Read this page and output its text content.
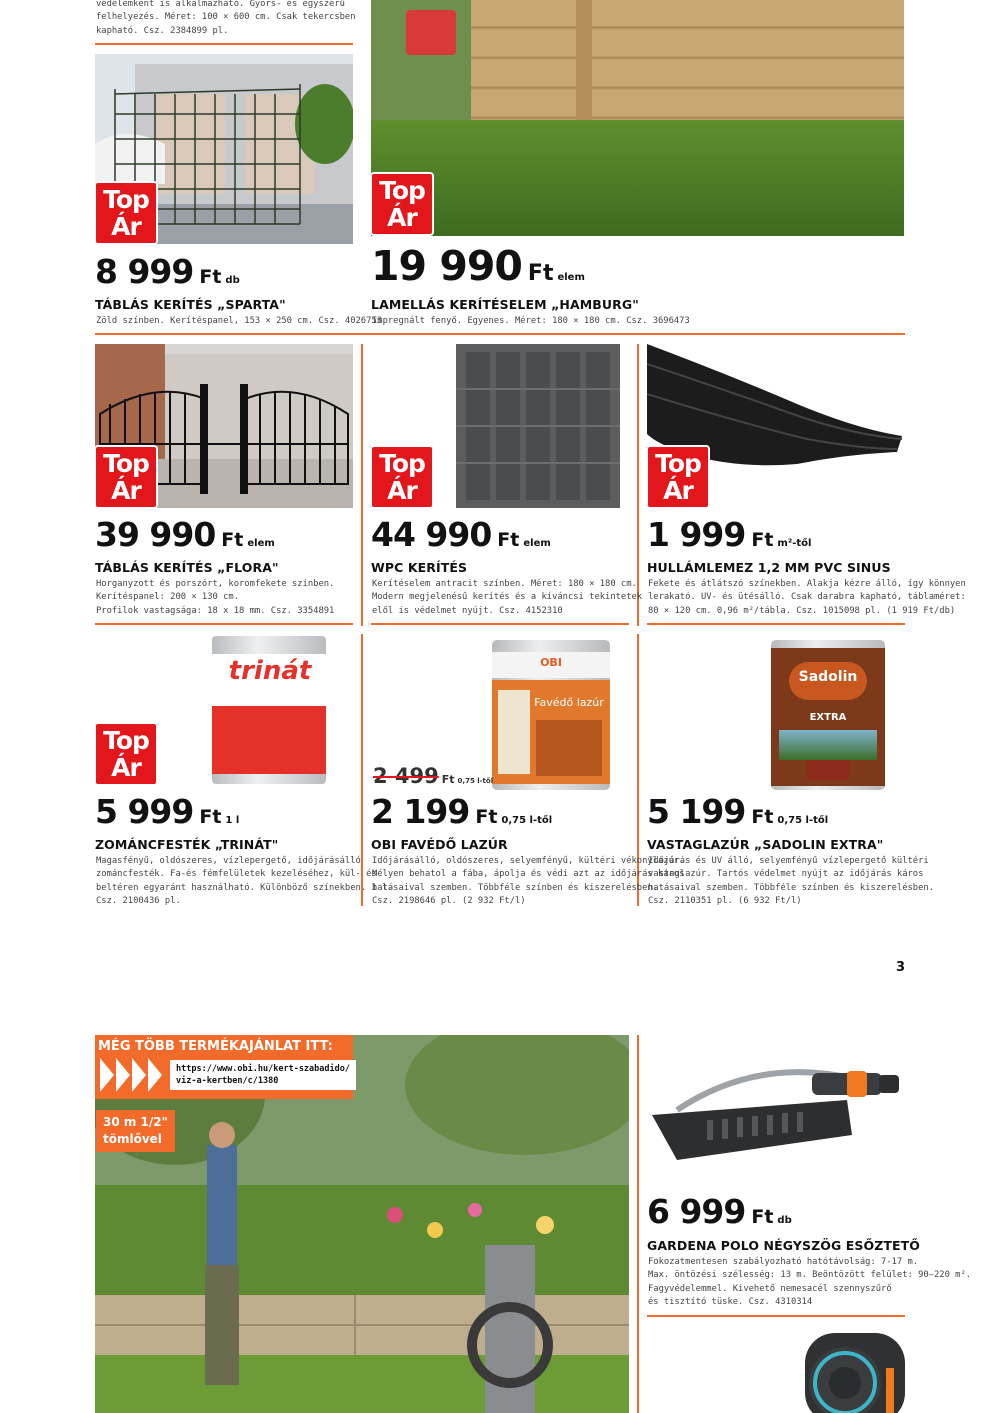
védelemként is alkalmazható. Gyors- és egyszerű
felhelyezés. Méret: 100 × 600 cm. Csak tekercsben
kapható. Csz. 2384899 pl.
Top
Ár
Top
Ár
8 999 Ft db
TÁBLÁS KERÍTÉS „SPARTA"
Zöld színben. Kerítéspanel, 153 × 250 cm. Csz. 4026753
19 990 Ft elem
LAMELLÁS KERÍTÉSELEM „HAMBURG"
Impregnált fenyő. Egyenes. Méret: 180 × 180 cm. Csz. 3696473
Top
Ár
Top
Ár
Top
Ár
39 990 Ft elem
TÁBLÁS KERÍTÉS „FLORA"
Horganyzott és porszórt, koromfekete színben.
Kerítéspanel: 200 × 130 cm.
Profilok vastagsága: 18 x 18 mm. Csz. 3354891
44 990 Ft elem
WPC KERÍTÉS
Kerítéselem antracit színben. Méret: 180 × 180 cm.
Modern megjelenésű kerítés és a kíváncsi tekintetek
elől is védelmet nyújt. Csz. 4152310
1 999 Ft m²-től
HULLÁMLEMEZ 1,2 MM PVC SINUS
Fekete és átlátszó színekben. Alakja kézre álló, így könnyen
lerakató. UV- és ütésálló. Csak darabra kapható, táblaméret:
80 × 120 cm. 0,96 m²/tábla. Csz. 1015098 pl. (1 919 Ft/db)
trinát
Top
Ár
OBI
Favédő lazúr
Sadolin
EXTRA
2 499 Ft 0,75 l-től
5 999 Ft 1 l
ZOMÁNCFESTÉK „TRINÁT"
Magasfényű, oldószeres, vízlepergető, időjárásálló
zománcfesték. Fa-és fémfelületek kezeléséhez, kül- és
beltéren egyaránt használható. Különböző színekben. 1 l.
Csz. 2100436 pl.
2 199 Ft 0,75 l-től
OBI FAVÉDŐ LAZÚR
Időjárásálló, oldószeres, selyemfényű, kültéri vékonylazúr.
Mélyen behatol a fába, ápolja és védi azt az időjárás káros
hatásaival szemben. Többféle színben és kiszerelésben.
Csz. 2198646 pl. (2 932 Ft/l)
5 199 Ft 0,75 l-től
VASTAGLAZÚR „SADOLIN EXTRA"
Időjárás és UV álló, selyemfényű vízlepergető kültéri
vastaglazúr. Tartós védelmet nyújt az időjárás káros
hatásaival szemben. Többféle színben és kiszerelésben.
Csz. 2110351 pl. (6 932 Ft/l)
3
MÉG TÖBB TERMÉKAJÁNLAT ITT:
https://www.obi.hu/kert-szabadido/
viz-a-kertben/c/1380
30 m 1/2"
tömlővel
6 999 Ft db
GARDENA POLO NÉGYSZÖG ESŐZTETŐ
Fokozatmentesen szabályozható hatótávolság: 7-17 m.
Max. öntözési szélesség: 13 m. Beöntözött felület: 90–220 m².
Fagyvédelemmel. Kivehető nemesacél szennyszűrő
és tisztító tüske. Csz. 4310314
